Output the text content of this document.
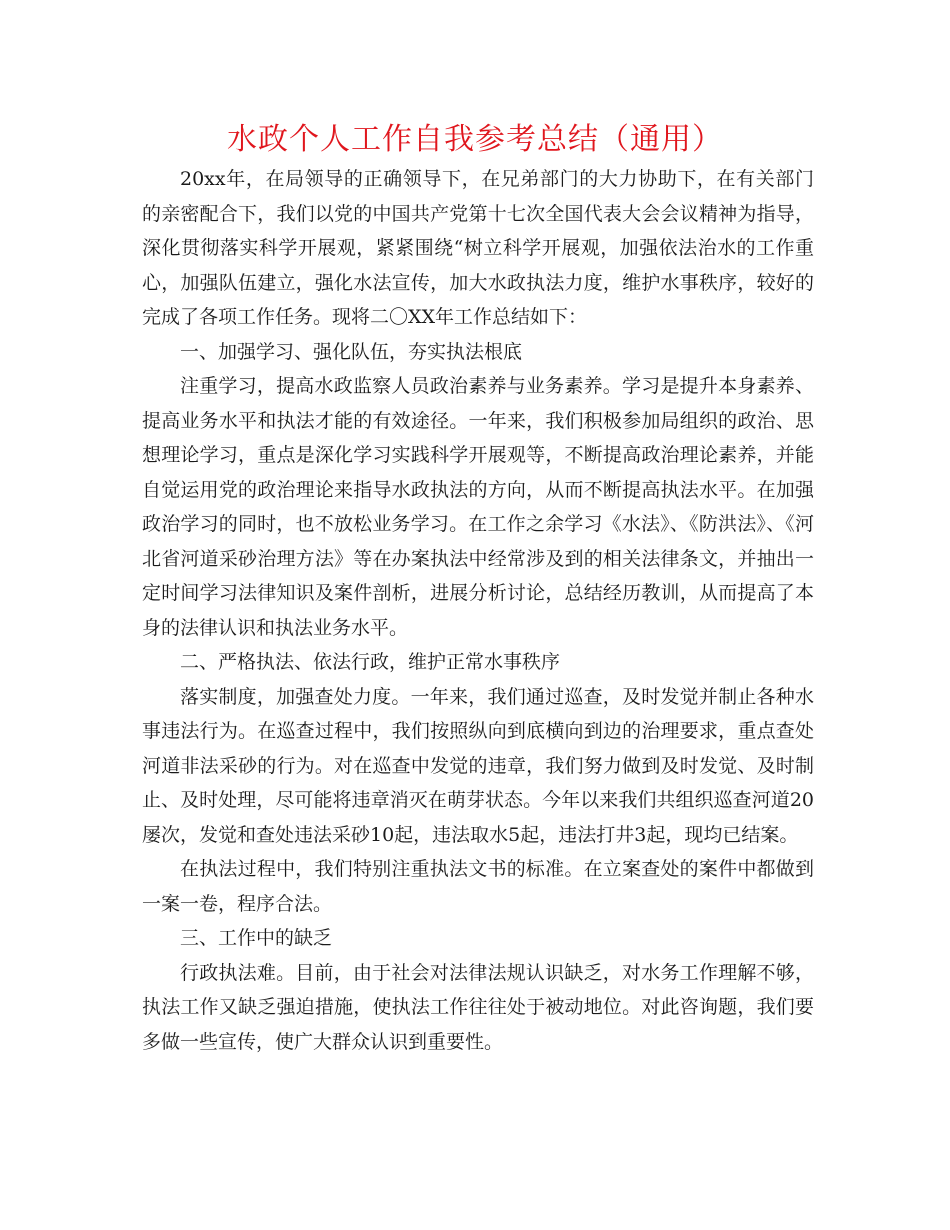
水政个人工作自我参考总结（通用）

20xx年，在局领导的正确领导下，在兄弟部门的大力协助下，在有关部门的亲密配合下，我们以党的中国共产党第十七次全国代表大会会议精神为指导，深化贯彻落实科学开展观，紧紧围绕“树立科学开展观，加强依法治水的工作重心，加强队伍建立，强化水法宣传，加大水政执法力度，维护水事秩序，较好的完成了各项工作任务。现将二〇XX年工作总结如下：

一、加强学习、强化队伍，夯实执法根底

注重学习，提高水政监察人员政治素养与业务素养。学习是提升本身素养、提高业务水平和执法才能的有效途径。一年来，我们积极参加局组织的政治、思想理论学习，重点是深化学习实践科学开展观等，不断提高政治理论素养，并能自觉运用党的政治理论来指导水政执法的方向，从而不断提高执法水平。在加强政治学习的同时，也不放松业务学习。在工作之余学习《水法》、《防洪法》、《河北省河道采砂治理方法》等在办案执法中经常涉及到的相关法律条文，并抽出一定时间学习法律知识及案件剖析，进展分析讨论，总结经历教训，从而提高了本身的法律认识和执法业务水平。

二、严格执法、依法行政，维护正常水事秩序

落实制度，加强查处力度。一年来，我们通过巡查，及时发觉并制止各种水事违法行为。在巡查过程中，我们按照纵向到底横向到边的治理要求，重点查处河道非法采砂的行为。对在巡查中发觉的违章，我们努力做到及时发觉、及时制止、及时处理，尽可能将违章消灭在萌芽状态。今年以来我们共组织巡查河道20屡次，发觉和查处违法采砂10起，违法取水5起，违法打井3起，现均已结案。

在执法过程中，我们特别注重执法文书的标准。在立案查处的案件中都做到一案一卷，程序合法。

三、工作中的缺乏

行政执法难。目前，由于社会对法律法规认识缺乏，对水务工作理解不够，执法工作又缺乏强迫措施，使执法工作往往处于被动地位。对此咨询题，我们要多做一些宣传，使广大群众认识到重要性。
